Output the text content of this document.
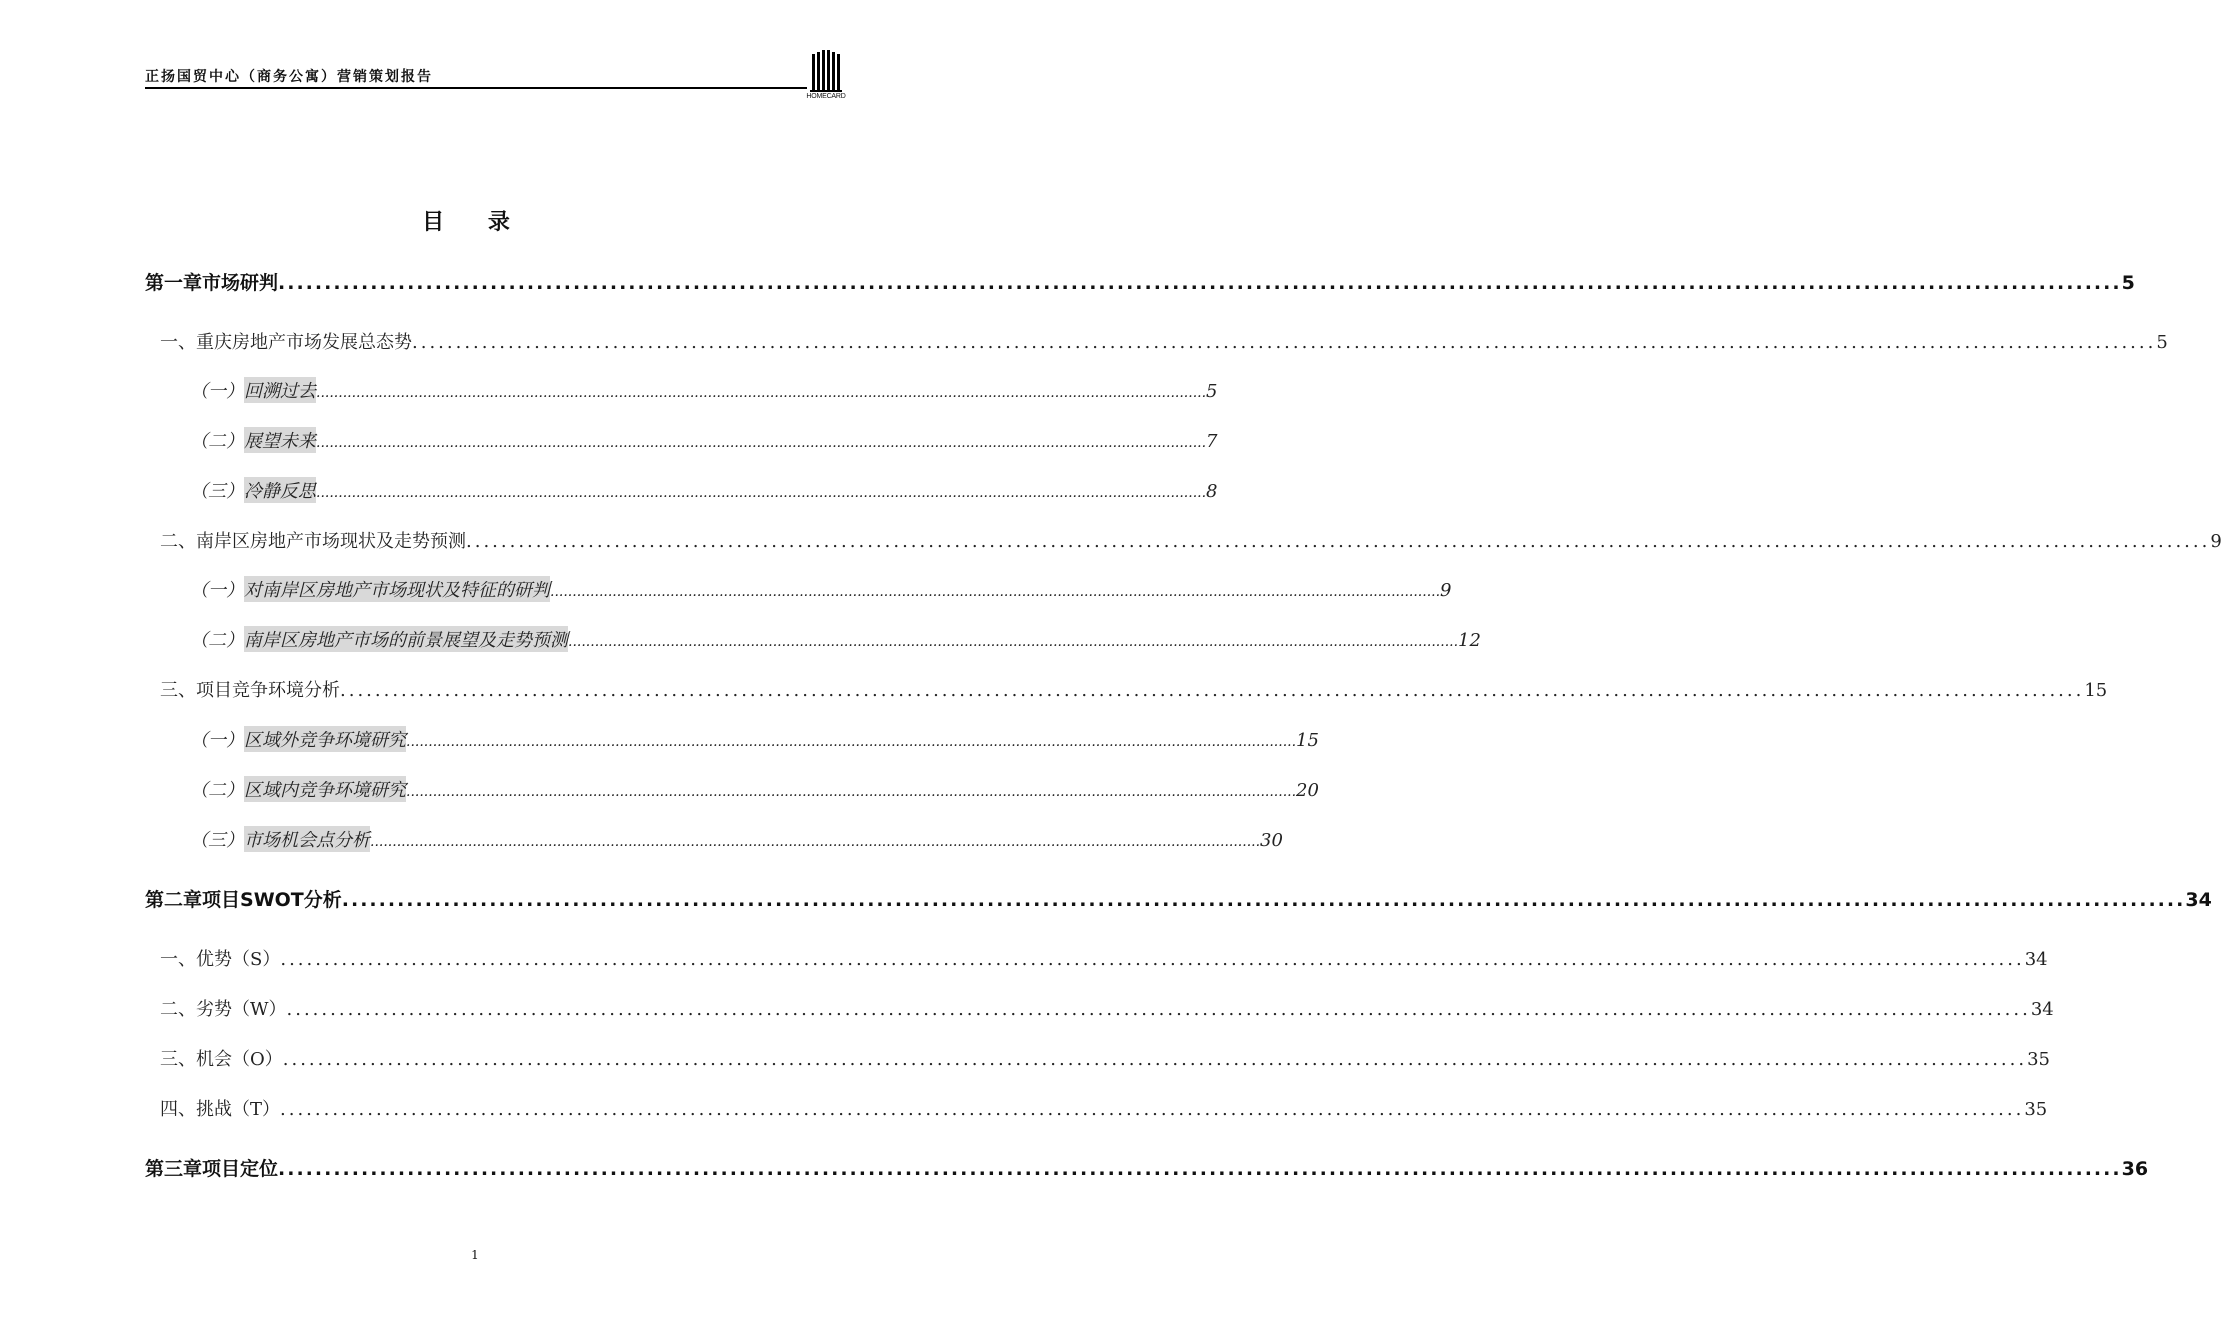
正扬国贸中心（商务公寓）营销策划报告
HOMECARD
目 录
第一章 市场研判 ........................................................................................................................................................................................................ 5
一、 重庆房地产市场发展总态势 ........................................................................................................................................................................................................ 5
（一） 回溯过去 ........................................................................................................................................................................................................ 5
（二） 展望未来 ........................................................................................................................................................................................................ 7
（三） 冷静反思 ........................................................................................................................................................................................................ 8
二、 南岸区房地产市场现状及走势预测 ........................................................................................................................................................................................................ 9
（一） 对南岸区房地产市场现状及特征的研判 ........................................................................................................................................................................................................ 9
（二） 南岸区房地产市场的前景展望及走势预测 ........................................................................................................................................................................................................ 12
三、 项目竞争环境分析 ........................................................................................................................................................................................................ 15
（一） 区域外竞争环境研究 ........................................................................................................................................................................................................ 15
（二） 区域内竞争环境研究 ........................................................................................................................................................................................................ 20
（三） 市场机会点分析 ........................................................................................................................................................................................................ 30
第二章 项目SWOT分析 ........................................................................................................................................................................................................ 34
一、 优势（S） ........................................................................................................................................................................................................ 34
二、 劣势（W） ........................................................................................................................................................................................................ 34
三、 机会（O） ........................................................................................................................................................................................................ 35
四、 挑战（T） ........................................................................................................................................................................................................ 35
第三章 项目定位 ........................................................................................................................................................................................................ 36
1
